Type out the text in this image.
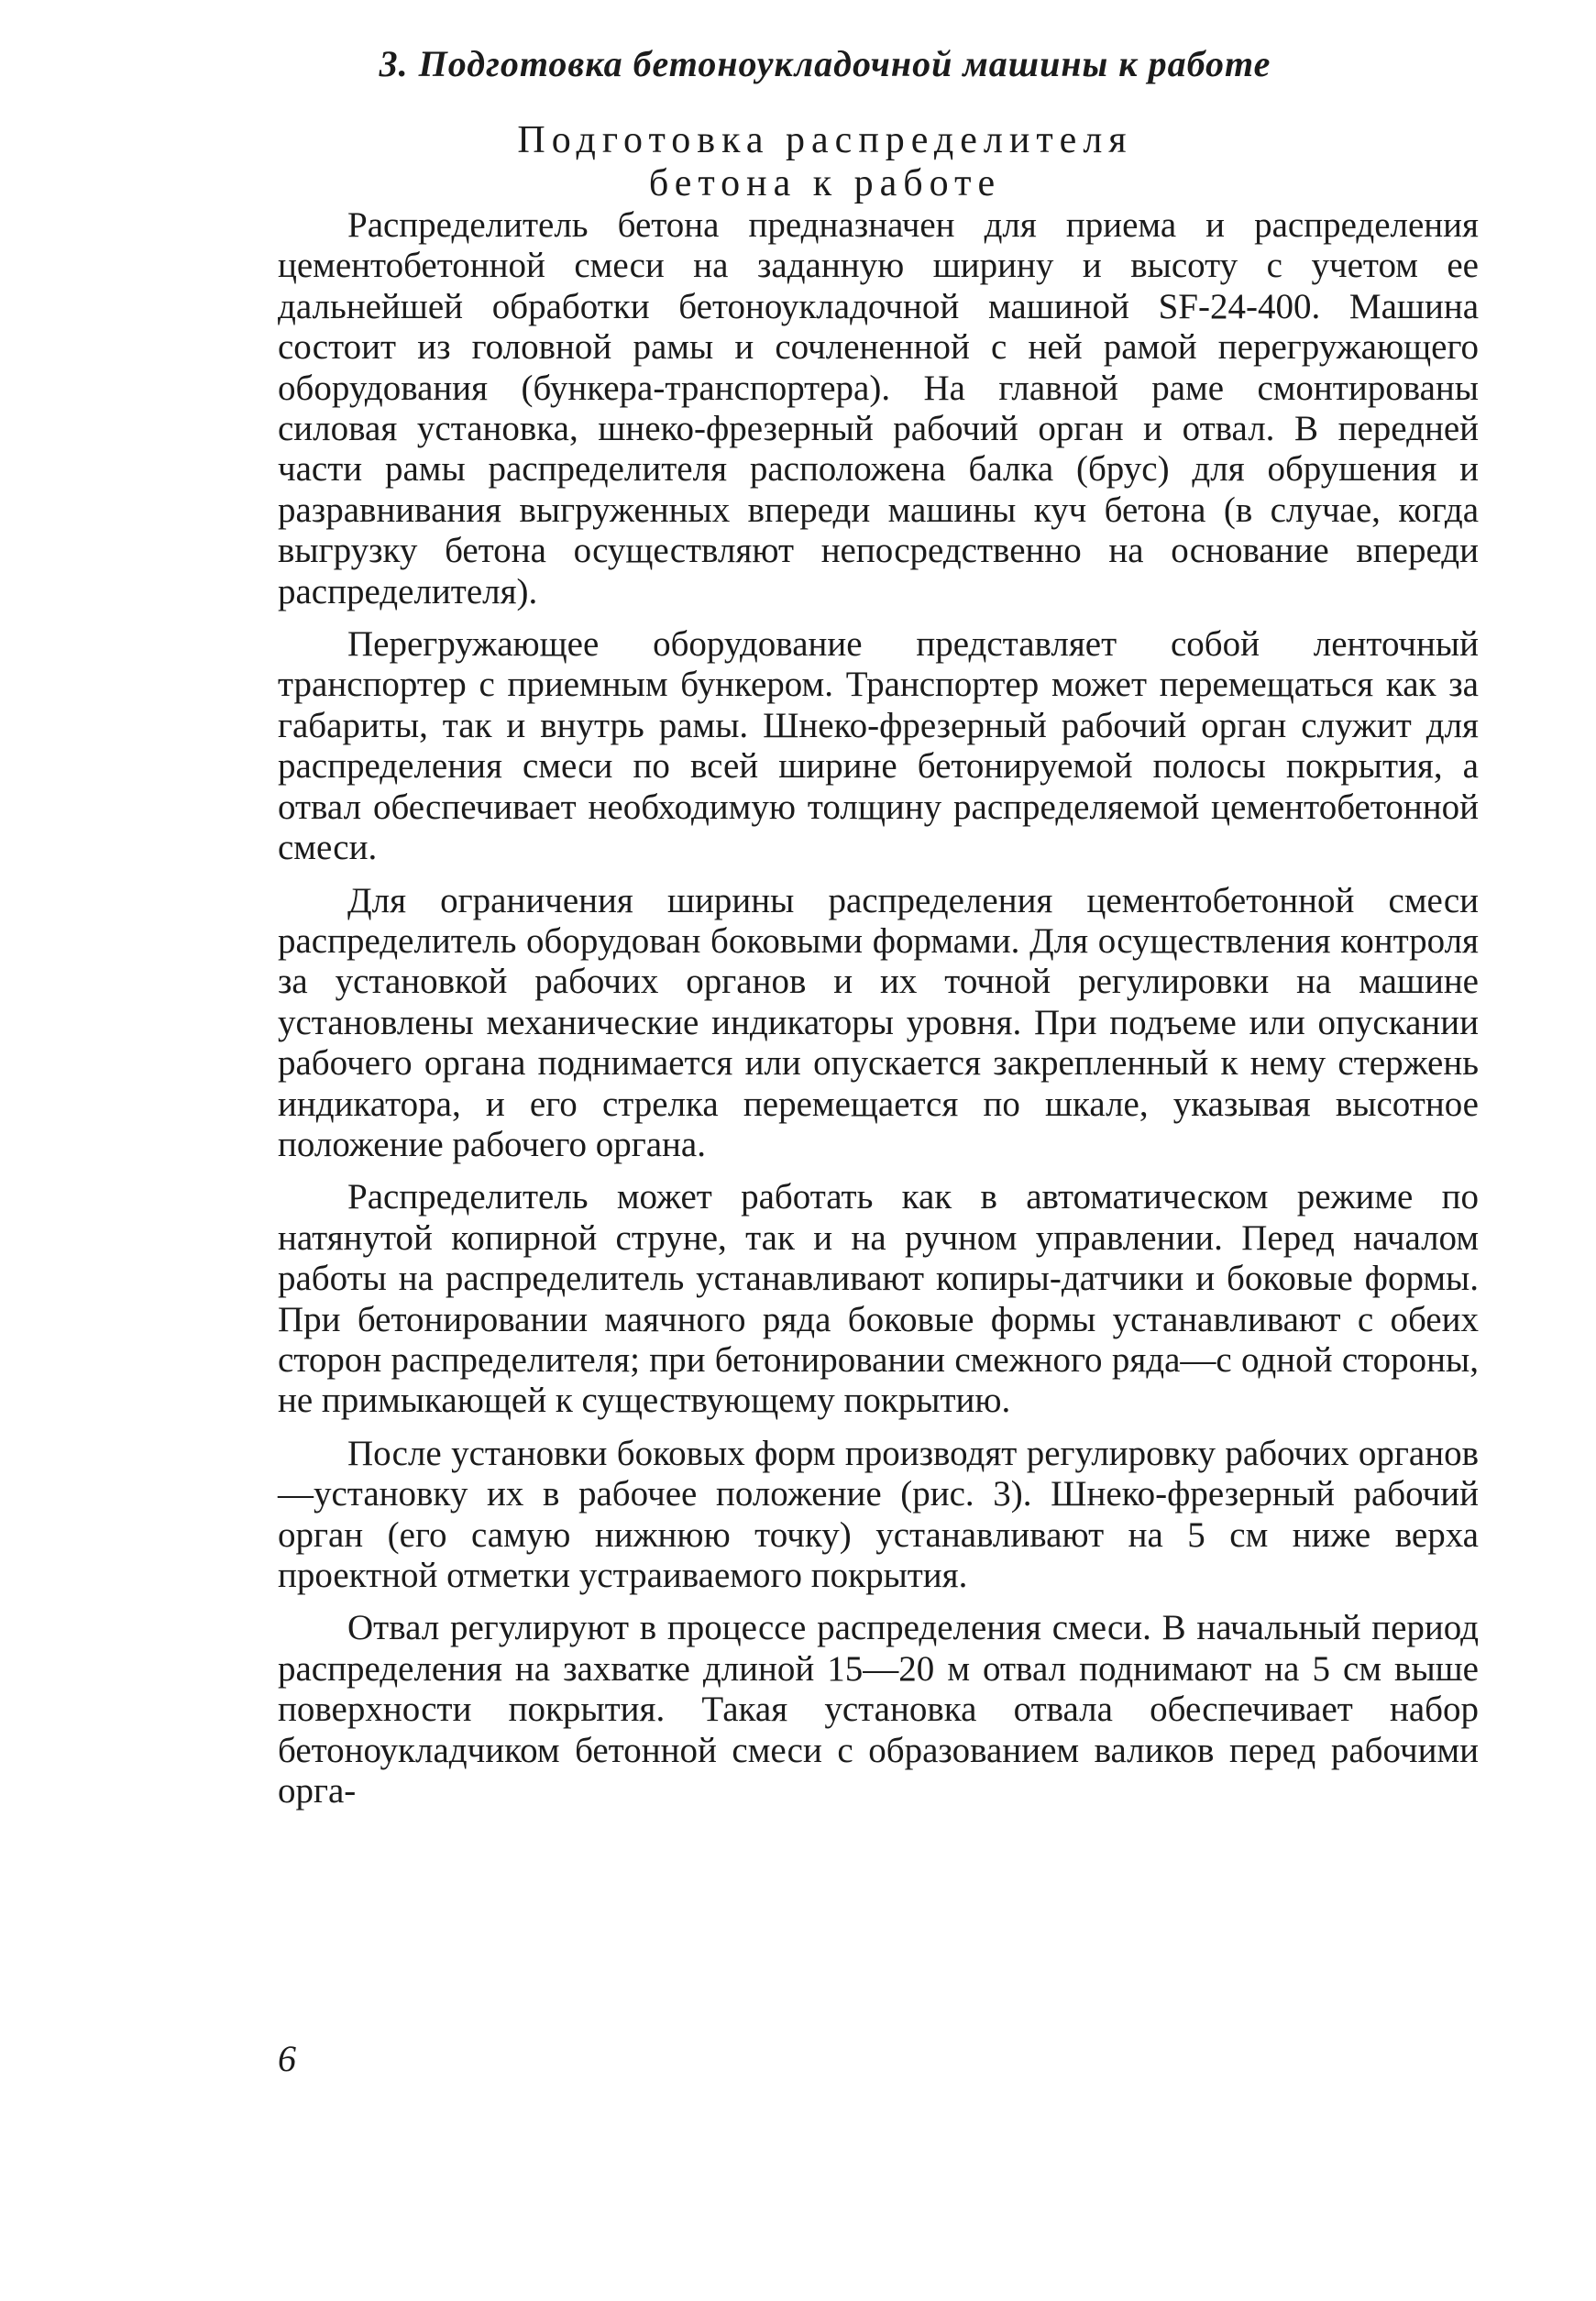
3. Подготовка бетоноукладочной машины к работе
Подготовка распределителя
бетона к работе

Распределитель бетона предназначен для приема и распределения цементобетонной смеси на заданную ширину и высоту с учетом ее дальнейшей обработки бетоноукладочной машиной SF-24-400. Машина состоит из головной рамы и сочлененной с ней рамой перегружающего оборудования (бункера-транспортера). На главной раме смонтированы силовая установка, шнеко-фрезерный рабочий орган и отвал. В передней части рамы распределителя расположена балка (брус) для обрушения и разравнивания выгруженных впереди машины куч бетона (в случае, когда выгрузку бетона осуществляют непосредственно на основание впереди распределителя).

Перегружающее оборудование представляет собой ленточный транспортер с приемным бункером. Транспортер может перемещаться как за габариты, так и внутрь рамы. Шнеко-фрезерный рабочий орган служит для распределения смеси по всей ширине бетонируемой полосы покрытия, а отвал обеспечивает необходимую толщину распределяемой цементобетонной смеси.

Для ограничения ширины распределения цементобетонной смеси распределитель оборудован боковыми формами. Для осуществления контроля за установкой рабочих органов и их точной регулировки на машине установлены механические индикаторы уровня. При подъеме или опускании рабочего органа поднимается или опускается закрепленный к нему стержень индикатора, и его стрелка перемещается по шкале, указывая высотное положение рабочего органа.

Распределитель может работать как в автоматическом режиме по натянутой копирной струне, так и на ручном управлении. Перед началом работы на распределитель устанавливают копиры-датчики и боковые формы. При бетонировании маячного ряда боковые формы устанавливают с обеих сторон распределителя; при бетонировании смежного ряда—с одной стороны, не примыкающей к существующему покрытию.

После установки боковых форм производят регулировку рабочих органов—установку их в рабочее положение (рис. 3). Шнеко-фрезерный рабочий орган (его самую нижнюю точку) устанавливают на 5 см ниже верха проектной отметки устраиваемого покрытия.

Отвал регулируют в процессе распределения смеси. В начальный период распределения на захватке длиной 15—20 м отвал поднимают на 5 см выше поверхности покрытия. Такая установка отвала обеспечивает набор бетоноукладчиком бетонной смеси с образованием валиков перед рабочими орга-

6
